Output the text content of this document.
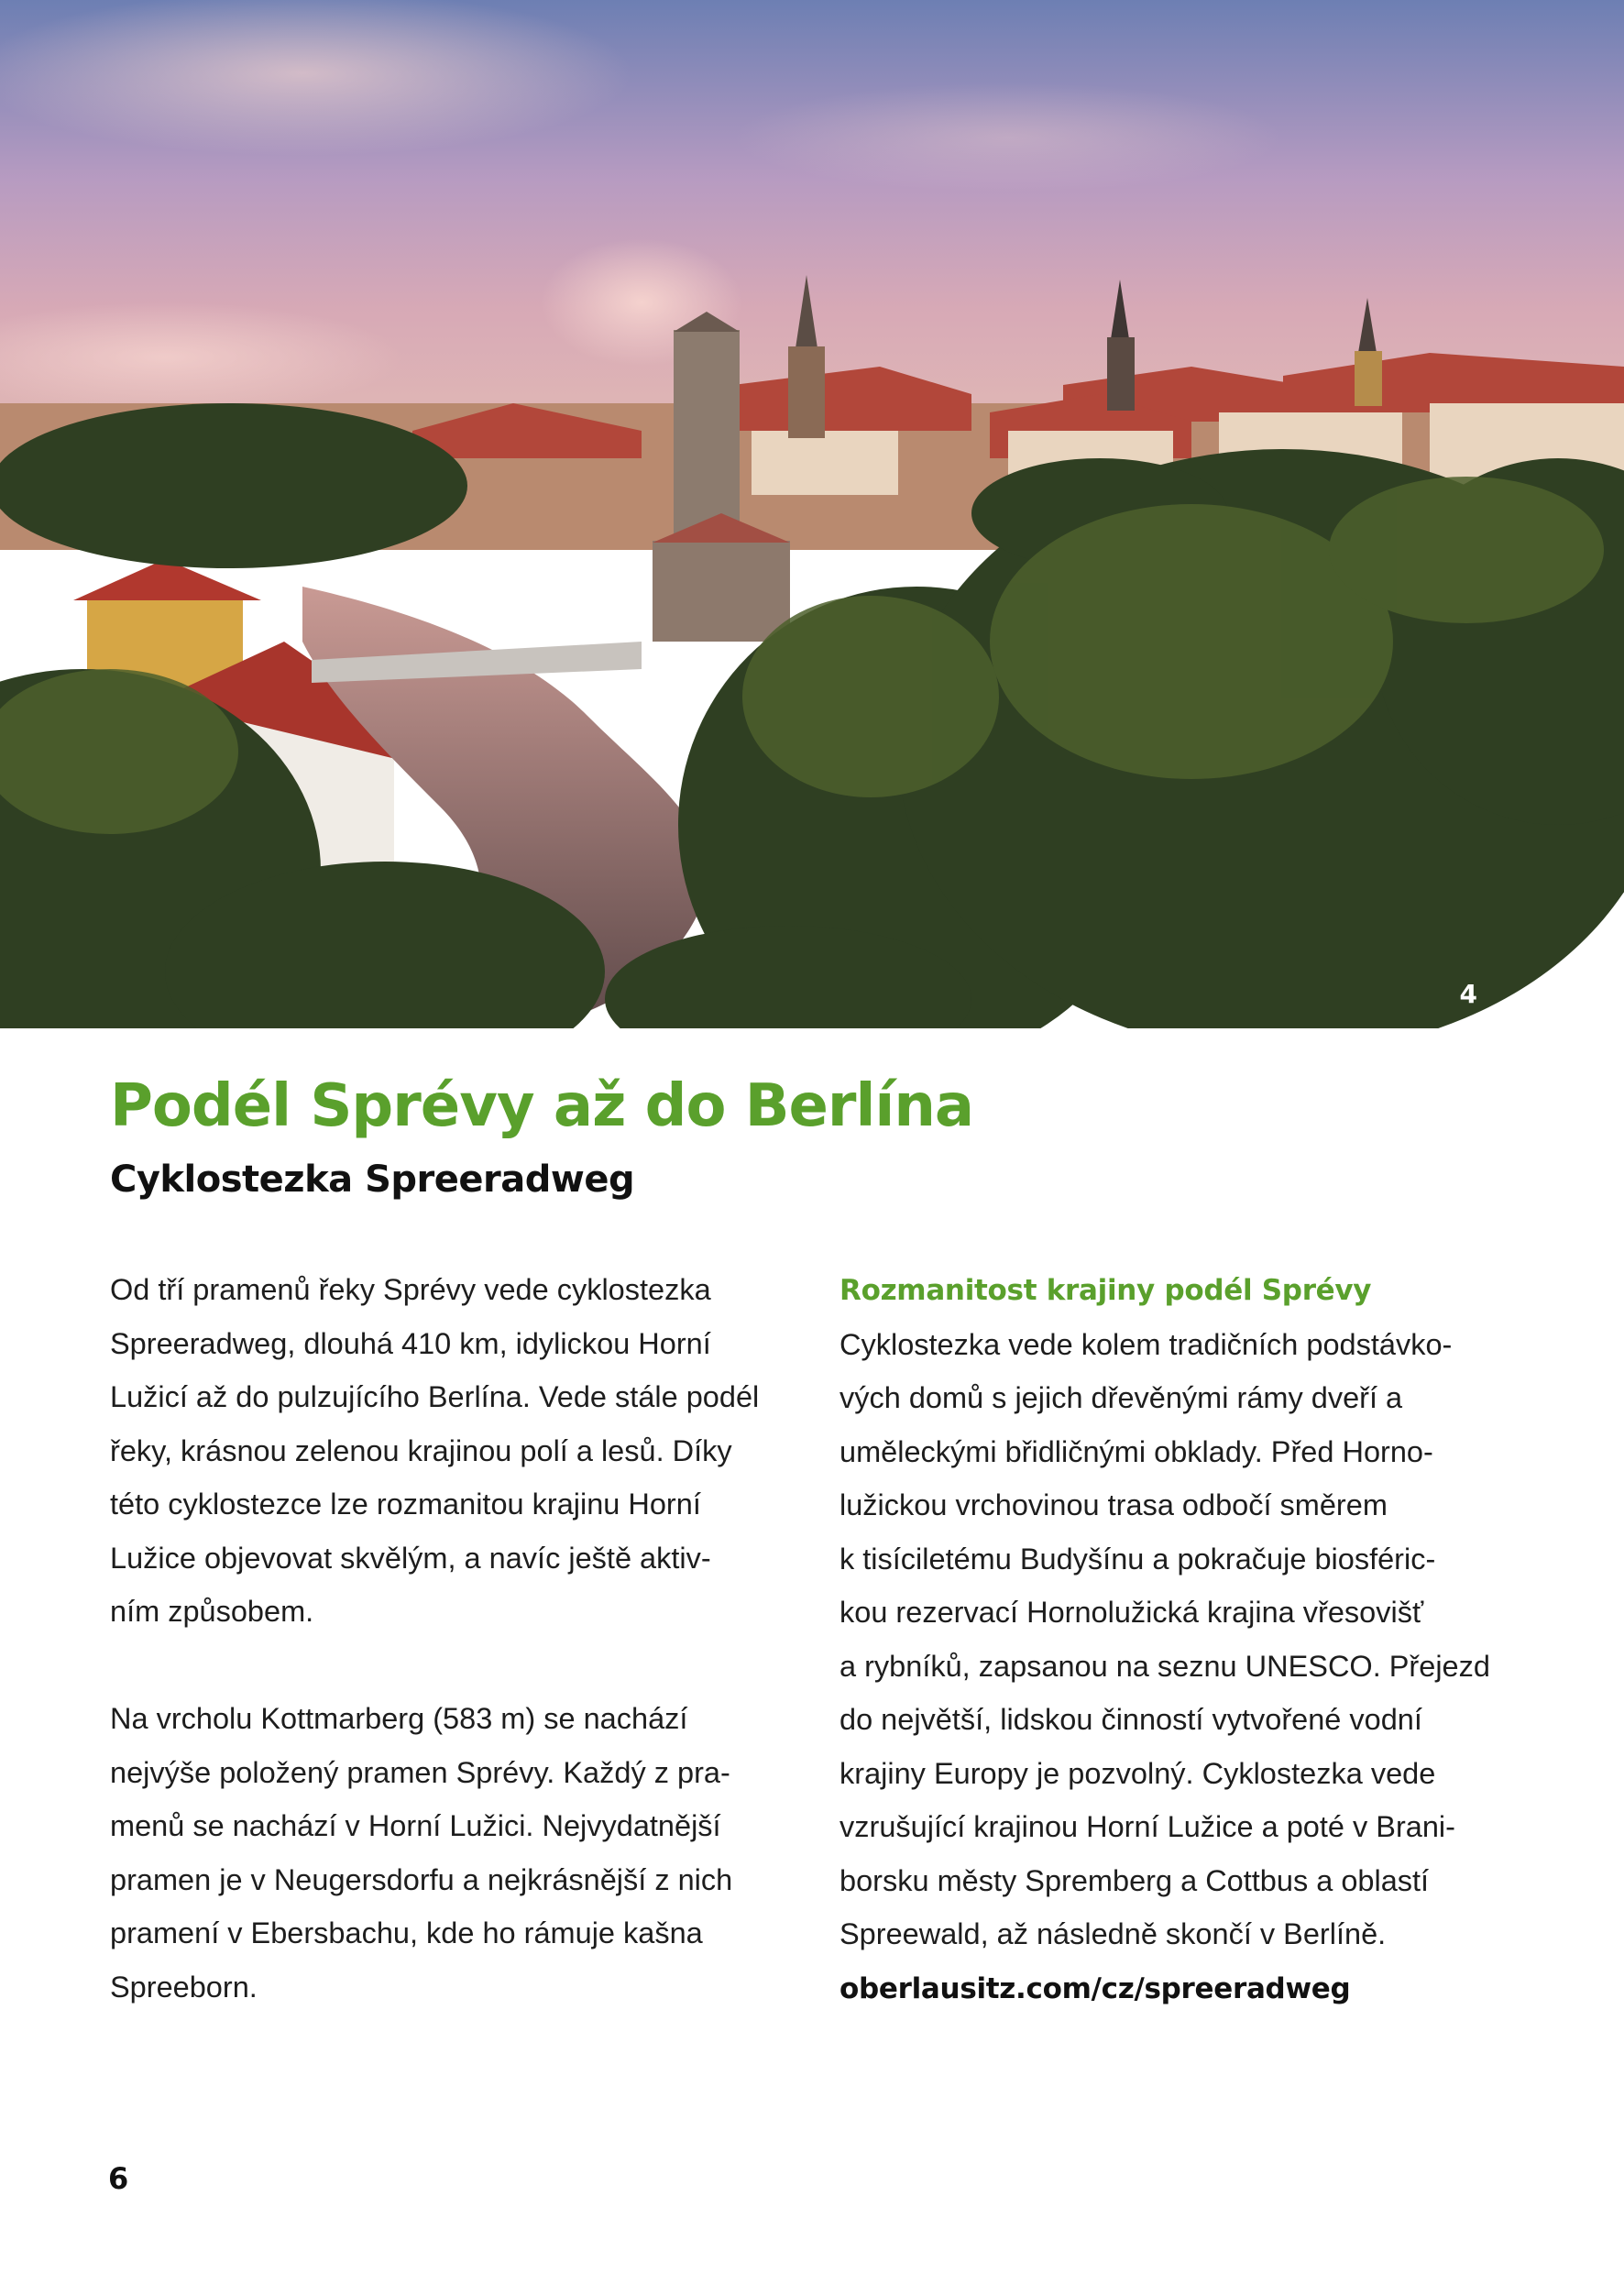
4
Podél Sprévy až do Berlína
Cyklostezka Spreeradweg

Od tří pramenů řeky Sprévy vede cyklostezka
Spreeradweg, dlouhá 410 km, idylickou Horní
Lužicí až do pulzujícího Berlína. Vede stále podél
řeky, krásnou zelenou krajinou polí a lesů. Díky
této cyklostezce lze rozmanitou krajinu Horní
Lužice objevovat skvělým, a navíc ještě aktiv-
ním způsobem.

Na vrcholu Kottmarberg (583 m) se nachází
nejvýše položený pramen Sprévy. Každý z pra-
menů se nachází v Horní Lužici. Nejvydatnější
pramen je v Neugersdorfu a nejkrásnější z nich
pramení v Ebersbachu, kde ho rámuje kašna
Spreeborn.

Rozmanitost krajiny podél Sprévy
Cyklostezka vede kolem tradičních podstávko-
vých domů s jejich dřevěnými rámy dveří a
uměleckými břidličnými obklady. Před Horno-
lužickou vrchovinou trasa odbočí směrem
k tisíciletému Budyšínu a pokračuje biosféric-
kou rezervací Hornolužická krajina vřesovišť
a rybníků, zapsanou na seznu UNESCO. Přejezd
do největší, lidskou činností vytvořené vodní
krajiny Europy je pozvolný. Cyklostezka vede
vzrušující krajinou Horní Lužice a poté v Brani-
borsku městy Spremberg a Cottbus a oblastí
Spreewald, až následně skončí v Berlíně.
oberlausitz.com/cz/spreeradweg

6
